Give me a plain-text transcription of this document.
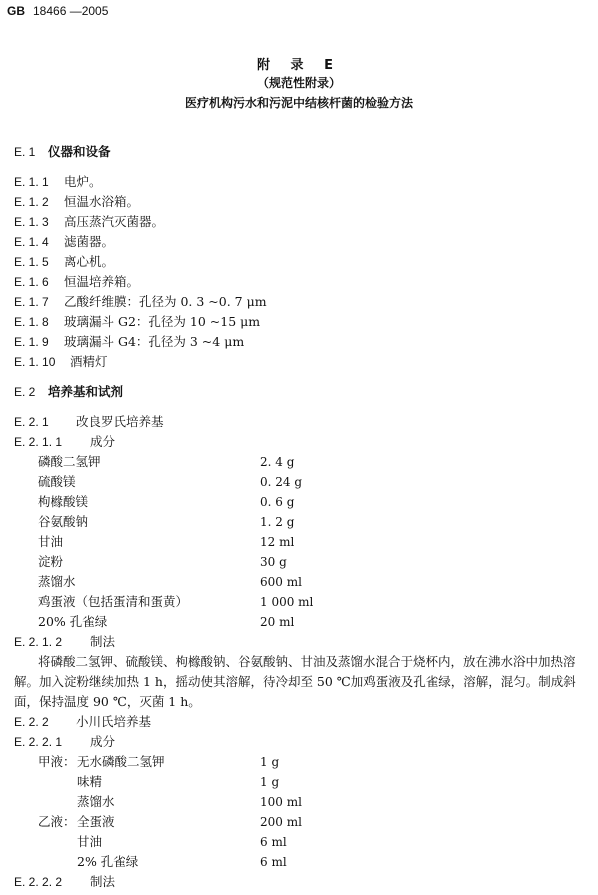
GB 18466 —2005
附 录 E
（规范性附录）
医疗机构污水和污泥中结核杆菌的检验方法
E. 1 仪器和设备
E. 1. 1 电炉。
E. 1. 2 恒温水浴箱。
E. 1. 3 高压蒸汽灭菌器。
E. 1. 4 滤菌器。
E. 1. 5 离心机。
E. 1. 6 恒温培养箱。
E. 1. 7 乙酸纤维膜：孔径为 0. 3 ~0. 7 μm
E. 1. 8 玻璃漏斗 G2：孔径为 10 ~15 μm
E. 1. 9 玻璃漏斗 G4：孔径为 3 ~4 μm
E. 1. 10 酒精灯
E. 2 培养基和试剂
E. 2. 1 改良罗氏培养基
E. 2. 1. 1 成分
磷酸二氢钾	2. 4 g
硫酸镁	0. 24 g
枸橼酸镁	0. 6 g
谷氨酸钠	1. 2 g
甘油	12 ml
淀粉	30 g
蒸馏水	600 ml
鸡蛋液（包括蛋清和蛋黄）	1 000 ml
20% 孔雀绿	20 ml
E. 2. 1. 2 制法
将磷酸二氢钾、硫酸镁、枸橼酸钠、谷氨酸钠、甘油及蒸馏水混合于烧杯内，放在沸水浴中加热溶解。加入淀粉继续加热 1 h，摇动使其溶解，待冷却至 50 ℃加鸡蛋液及孔雀绿，溶解，混匀。制成斜面，保持温度 90 ℃，灭菌 1 h。
E. 2. 2 小川氏培养基
E. 2. 2. 1 成分
甲液： 无水磷酸二氢钾	1 g
味精	1 g
蒸馏水	100 ml
乙液： 全蛋液	200 ml
甘油	6 ml
2% 孔雀绿	6 ml
E. 2. 2. 2 制法
